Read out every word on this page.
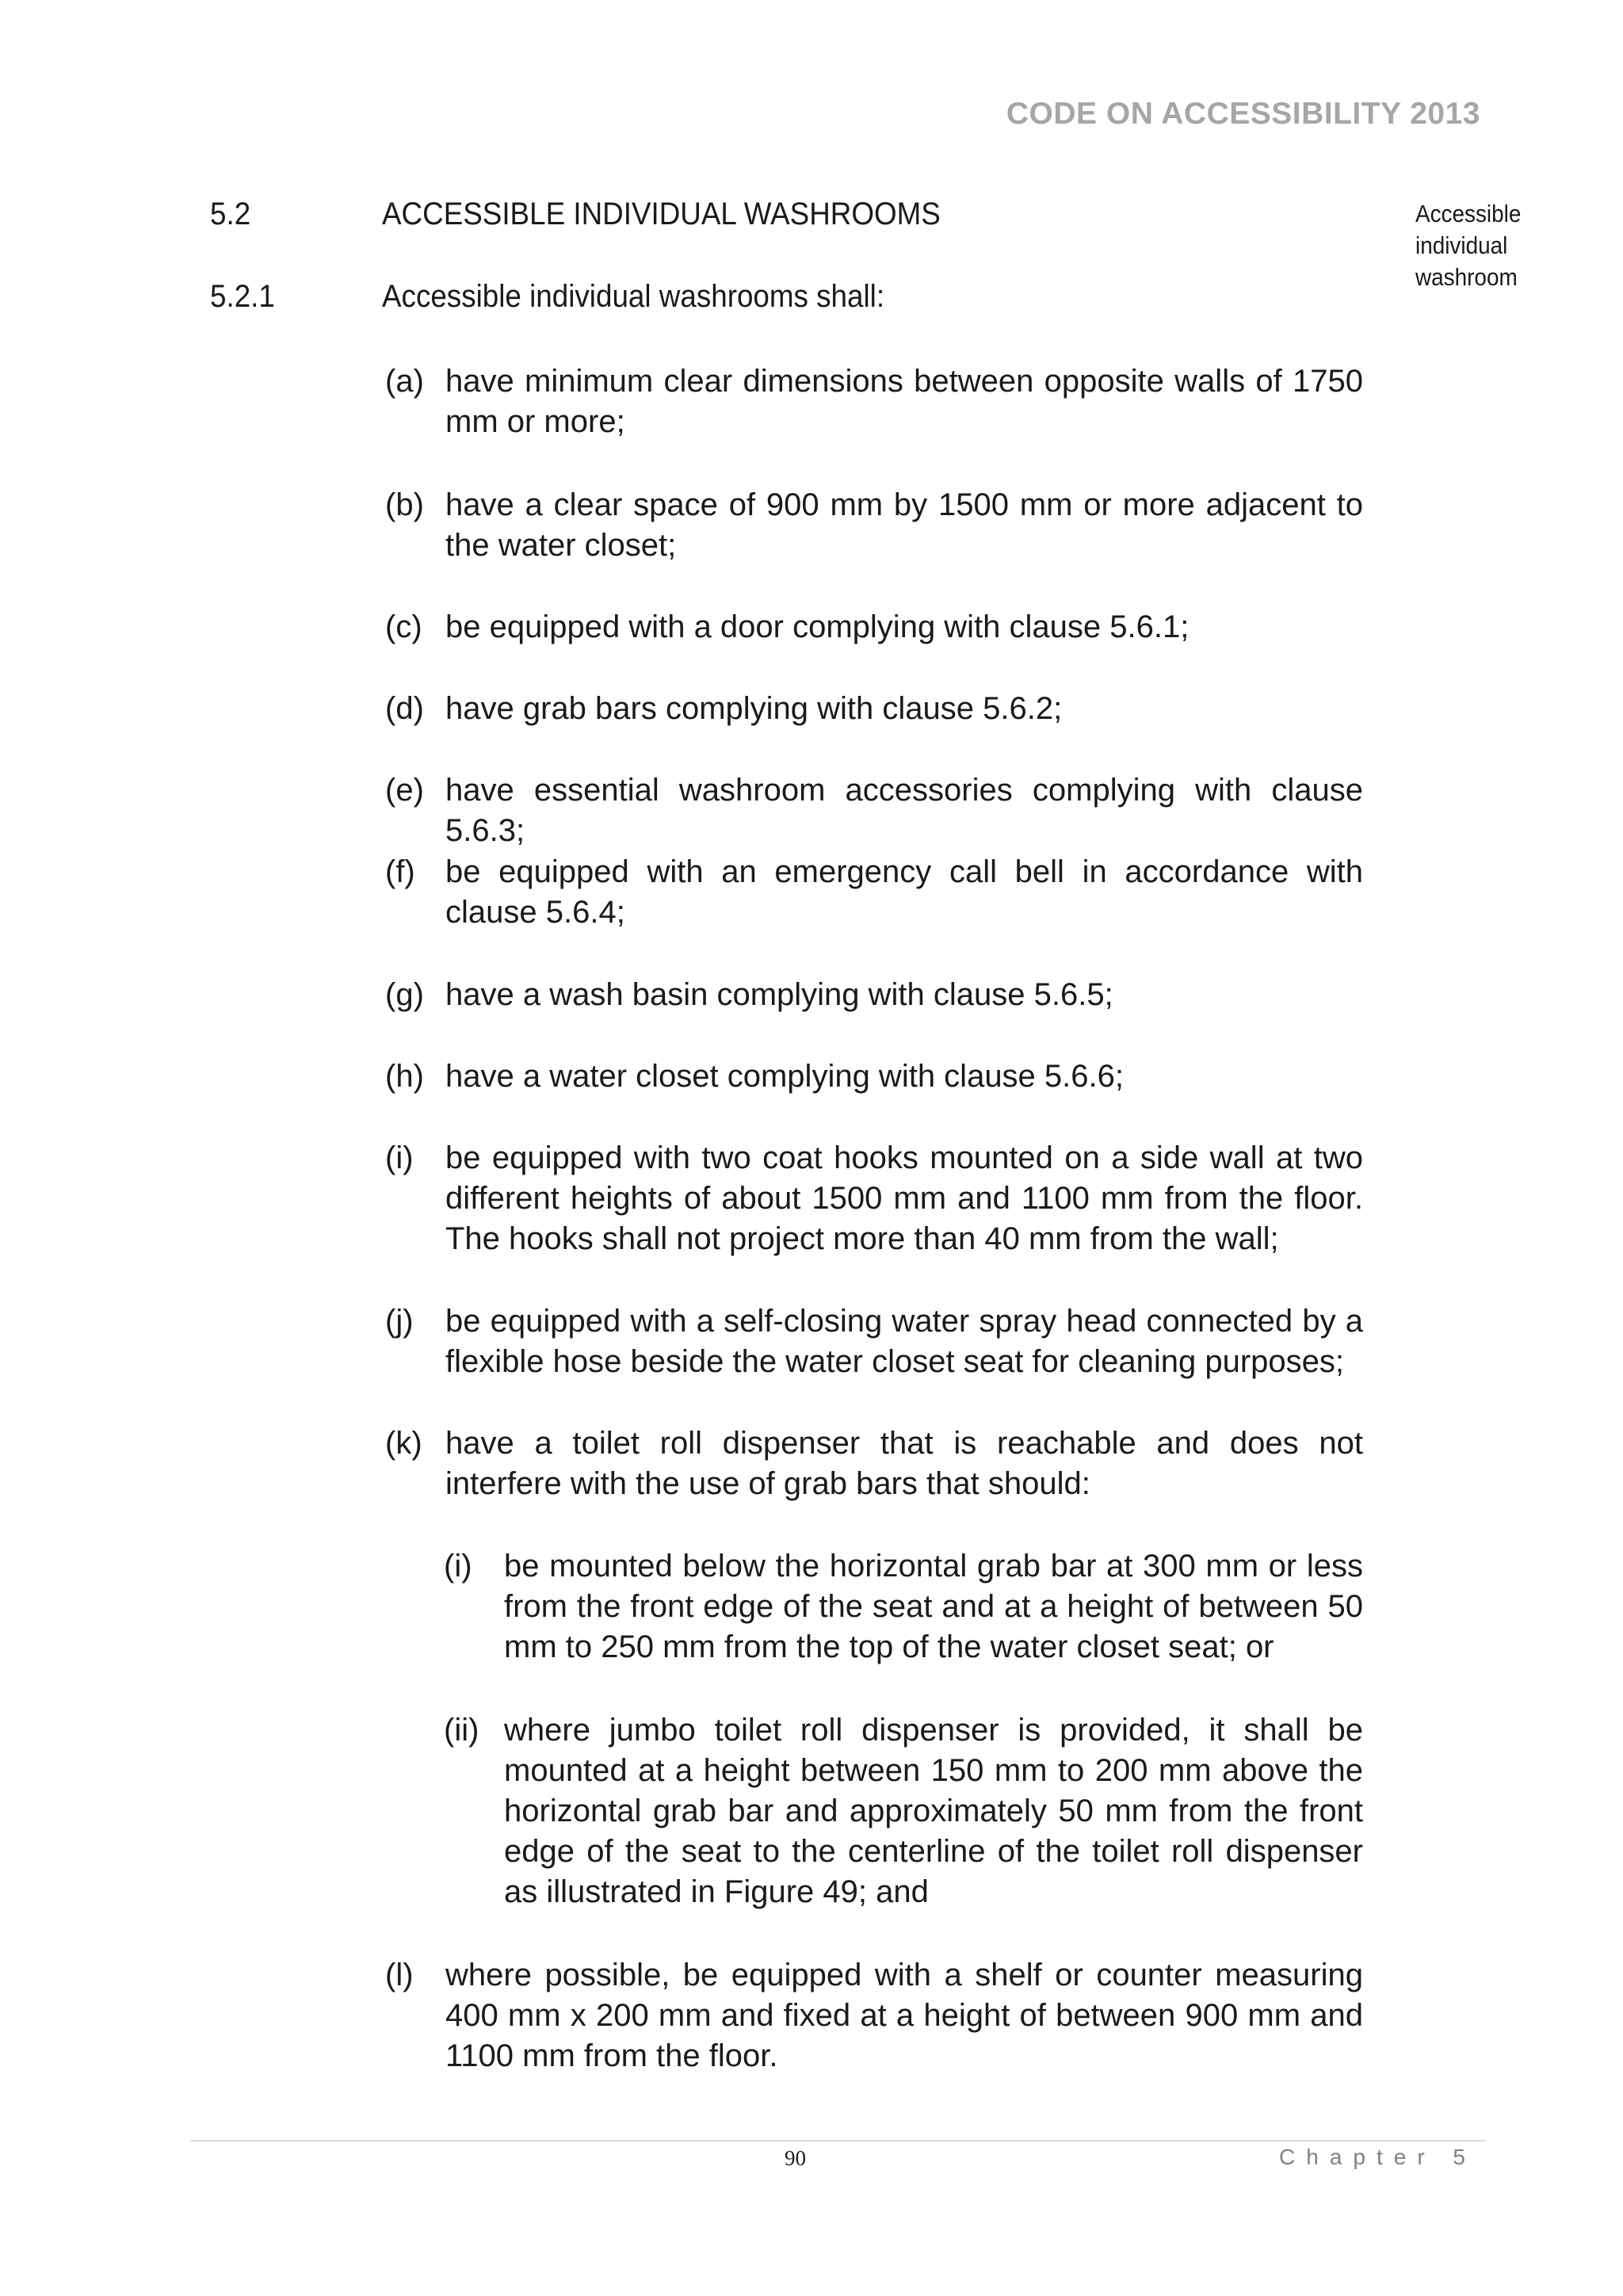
CODE ON ACCESSIBILITY 2013
5.2	ACCESSIBLE INDIVIDUAL WASHROOMS	Accessible individual washroom
5.2.1	Accessible individual washrooms shall:
(a) have minimum clear dimensions between opposite walls of 1750 mm or more;
(b) have a clear space of 900 mm by 1500 mm or more adjacent to the water closet;
(c) be equipped with a door complying with clause 5.6.1;
(d) have grab bars complying with clause 5.6.2;
(e) have essential washroom accessories complying with clause 5.6.3;
(f) be equipped with an emergency call bell in accordance with clause 5.6.4;
(g) have a wash basin complying with clause 5.6.5;
(h) have a water closet complying with clause 5.6.6;
(i) be equipped with two coat hooks mounted on a side wall at two different heights of about 1500 mm and 1100 mm from the floor. The hooks shall not project more than 40 mm from the wall;
(j) be equipped with a self-closing water spray head connected by a flexible hose beside the water closet seat for cleaning purposes;
(k) have a toilet roll dispenser that is reachable and does not interfere with the use of grab bars that should:
(i) be mounted below the horizontal grab bar at 300 mm or less from the front edge of the seat and at a height of between 50 mm to 250 mm from the top of the water closet seat; or
(ii) where jumbo toilet roll dispenser is provided, it shall be mounted at a height between 150 mm to 200 mm above the horizontal grab bar and approximately 50 mm from the front edge of the seat to the centerline of the toilet roll dispenser as illustrated in Figure 49; and
(l) where possible, be equipped with a shelf or counter measuring 400 mm x 200 mm and fixed at a height of between 900 mm and 1100 mm from the floor.
90	Chapter 5
